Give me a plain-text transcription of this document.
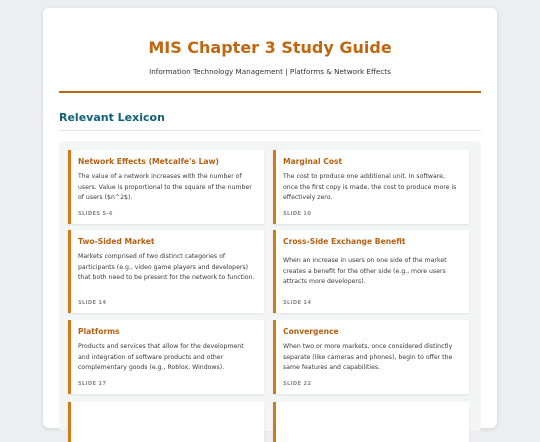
MIS Chapter 3 Study Guide
Information Technology Management | Platforms & Network Effects
Relevant Lexicon
Network Effects (Metcalfe's Law)
The value of a network increases with the number of users. Value is proportional to the square of the number of users ($n^2$).
SLIDES 5-6
Marginal Cost
The cost to produce one additional unit. In software, once the first copy is made, the cost to produce more is effectively zero.
SLIDE 10
Two-Sided Market
Markets comprised of two distinct categories of participants (e.g., video game players and developers) that both need to be present for the network to function.
SLIDE 14
Cross-Side Exchange Benefit
When an increase in users on one side of the market creates a benefit for the other side (e.g., more users attracts more developers).
SLIDE 14
Platforms
Products and services that allow for the development and integration of software products and other complementary goods (e.g., Roblox, Windows).
SLIDE 17
Convergence
When two or more markets, once considered distinctly separate (like cameras and phones), begin to offer the same features and capabilities.
SLIDE 22
